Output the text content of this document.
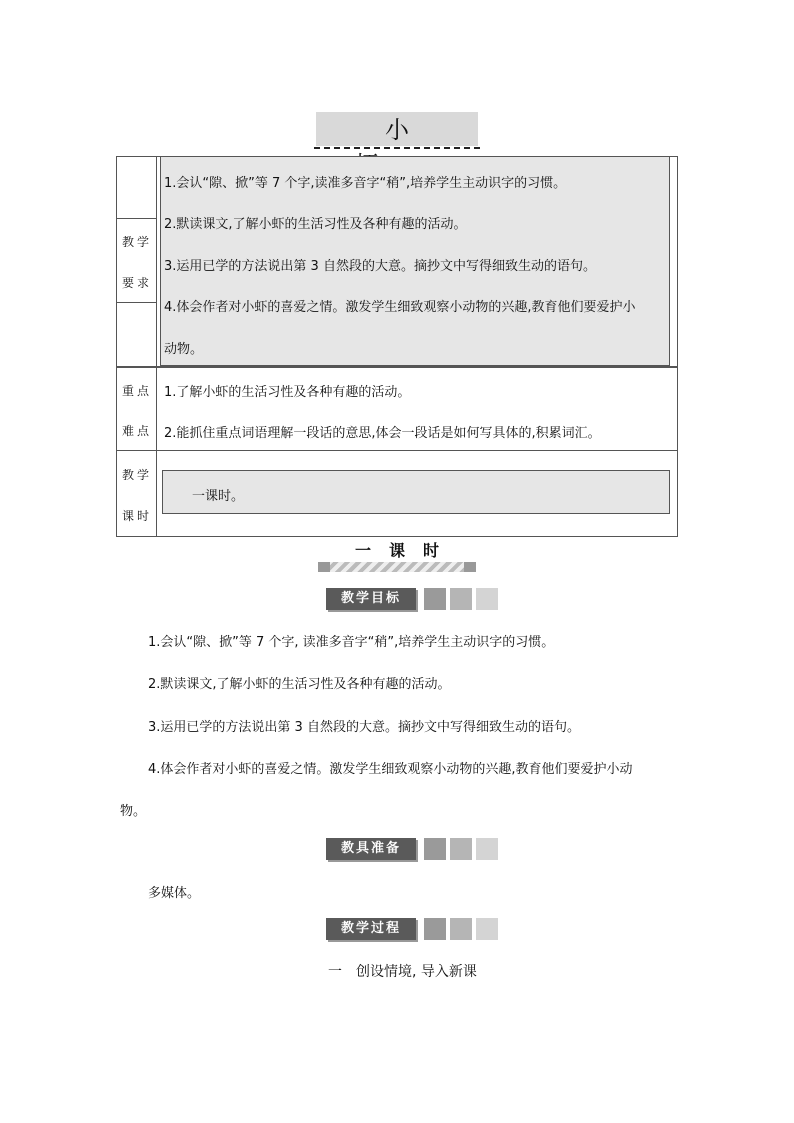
小
教学
要求
1.会认“隙、掀”等 7 个字,读准多音字“稍”,培养学生主动识字的习惯。
2.默读课文,了解小虾的生活习性及各种有趣的活动。
3.运用已学的方法说出第 3 自然段的大意。摘抄文中写得细致生动的语句。
4.体会作者对小虾的喜爱之情。激发学生细致观察小动物的兴趣,教育他们要爱护小
动物。
重点
难点
1.了解小虾的生活习性及各种有趣的活动。
2.能抓住重点词语理解一段话的意思,体会一段话是如何写具体的,积累词汇。
教学
课时
一课时。
一课时
教学目标
1.会认“隙、掀”等 7 个字, 读准多音字“稍”,培养学生主动识字的习惯。
2.默读课文,了解小虾的生活习性及各种有趣的活动。
3.运用已学的方法说出第 3 自然段的大意。摘抄文中写得细致生动的语句。
4.体会作者对小虾的喜爱之情。激发学生细致观察小动物的兴趣,教育他们要爱护小动
物。
教具准备
多媒体。
教学过程
一　创设情境, 导入新课
